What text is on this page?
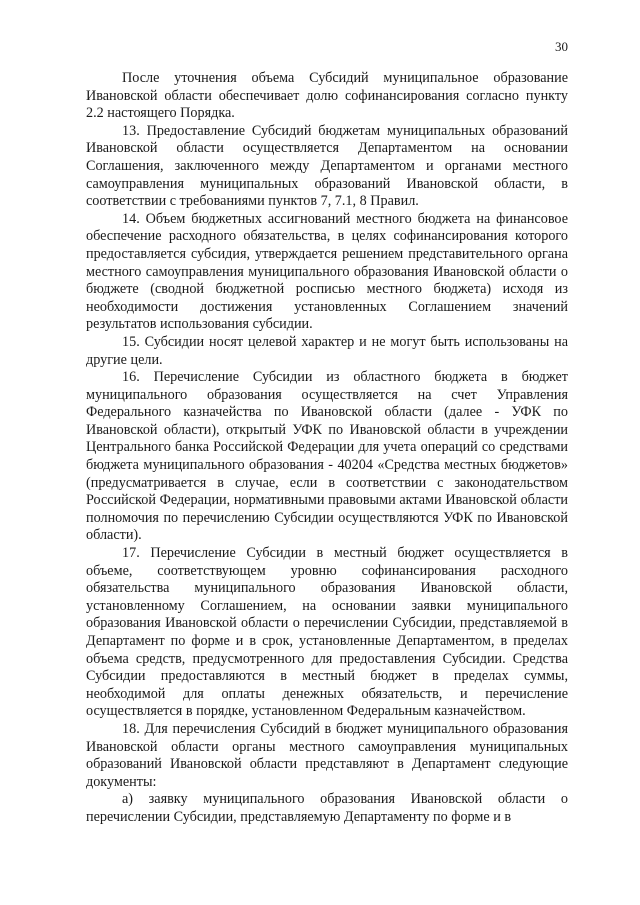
30

После уточнения объема Субсидий муниципальное образование Ивановской области обеспечивает долю софинансирования согласно пункту 2.2 настоящего Порядка.

13. Предоставление Субсидий бюджетам муниципальных образований Ивановской области осуществляется Департаментом на основании Соглашения, заключенного между Департаментом и органами местного самоуправления муниципальных образований Ивановской области, в соответствии с требованиями пунктов 7, 7.1, 8 Правил.

14. Объем бюджетных ассигнований местного бюджета на финансовое обеспечение расходного обязательства, в целях софинансирования которого предоставляется субсидия, утверждается решением представительного органа местного самоуправления муниципального образования Ивановской области о бюджете (сводной бюджетной росписью местного бюджета) исходя из необходимости достижения установленных Соглашением значений результатов использования субсидии.

15. Субсидии носят целевой характер и не могут быть использованы на другие цели.

16. Перечисление Субсидии из областного бюджета в бюджет муниципального образования осуществляется на счет Управления Федерального казначейства по Ивановской области (далее - УФК по Ивановской области), открытый УФК по Ивановской области в учреждении Центрального банка Российской Федерации для учета операций со средствами бюджета муниципального образования - 40204 «Средства местных бюджетов» (предусматривается в случае, если в соответствии с законодательством Российской Федерации, нормативными правовыми актами Ивановской области полномочия по перечислению Субсидии осуществляются УФК по Ивановской области).

17. Перечисление Субсидии в местный бюджет осуществляется в объеме, соответствующем уровню софинансирования расходного обязательства муниципального образования Ивановской области, установленному Соглашением, на основании заявки муниципального образования Ивановской области о перечислении Субсидии, представляемой в Департамент по форме и в срок, установленные Департаментом, в пределах объема средств, предусмотренного для предоставления Субсидии. Средства Субсидии предоставляются в местный бюджет в пределах суммы, необходимой для оплаты денежных обязательств, и перечисление осуществляется в порядке, установленном Федеральным казначейством.

18. Для перечисления Субсидий в бюджет муниципального образования Ивановской области органы местного самоуправления муниципальных образований Ивановской области представляют в Департамент следующие документы:

а) заявку муниципального образования Ивановской области о перечислении Субсидии, представляемую Департаменту по форме и в
